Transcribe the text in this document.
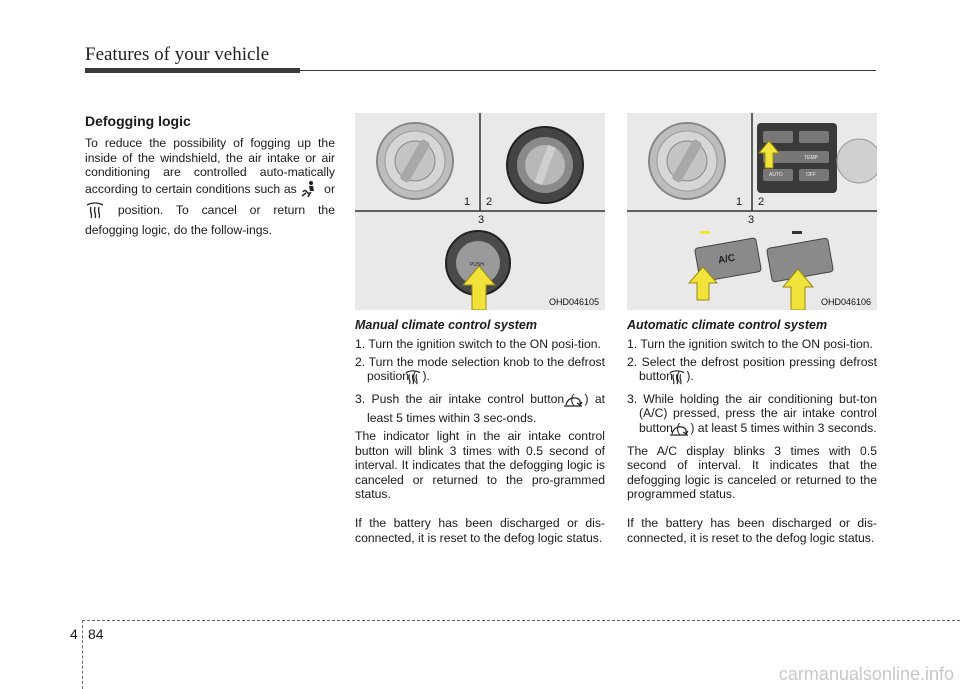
Features of your vehicle
Defogging logic

To reduce the possibility of fogging up the inside of the windshield, the air intake or air conditioning are controlled auto-matically according to certain conditions such as  or  position. To cancel or return the defogging logic, do the follow-ings.

PUSH
1 2
3
OHD046105
1 2
3
TEMP
AUTO	OFF
A/C
OHD046106
Manual climate control system

1. Turn the ignition switch to the ON posi-tion.

2. Turn the mode selection knob to the defrost position ( ).

3. Push the air intake control button ( ) at least 5 times within 3 sec-onds.

The indicator light in the air intake control button will blink 3 times with 0.5 second of interval. It indicates that the defogging logic is canceled or returned to the pro-grammed status.

If the battery has been discharged or dis-connected, it is reset to the defog logic status.

Automatic climate control system

1. Turn the ignition switch to the ON posi-tion.

2. Select the defrost position pressing defrost button ( ).

3. While holding the air conditioning but-ton (A/C) pressed, press the air intake control button ( ) at least 5 times within 3 seconds.

The A/C display blinks 3 times with 0.5 second of interval. It indicates that the defogging logic is canceled or returned to the programmed status.

If the battery has been discharged or dis-connected, it is reset to the defog logic status.

4 84
carmanualsonline.info
